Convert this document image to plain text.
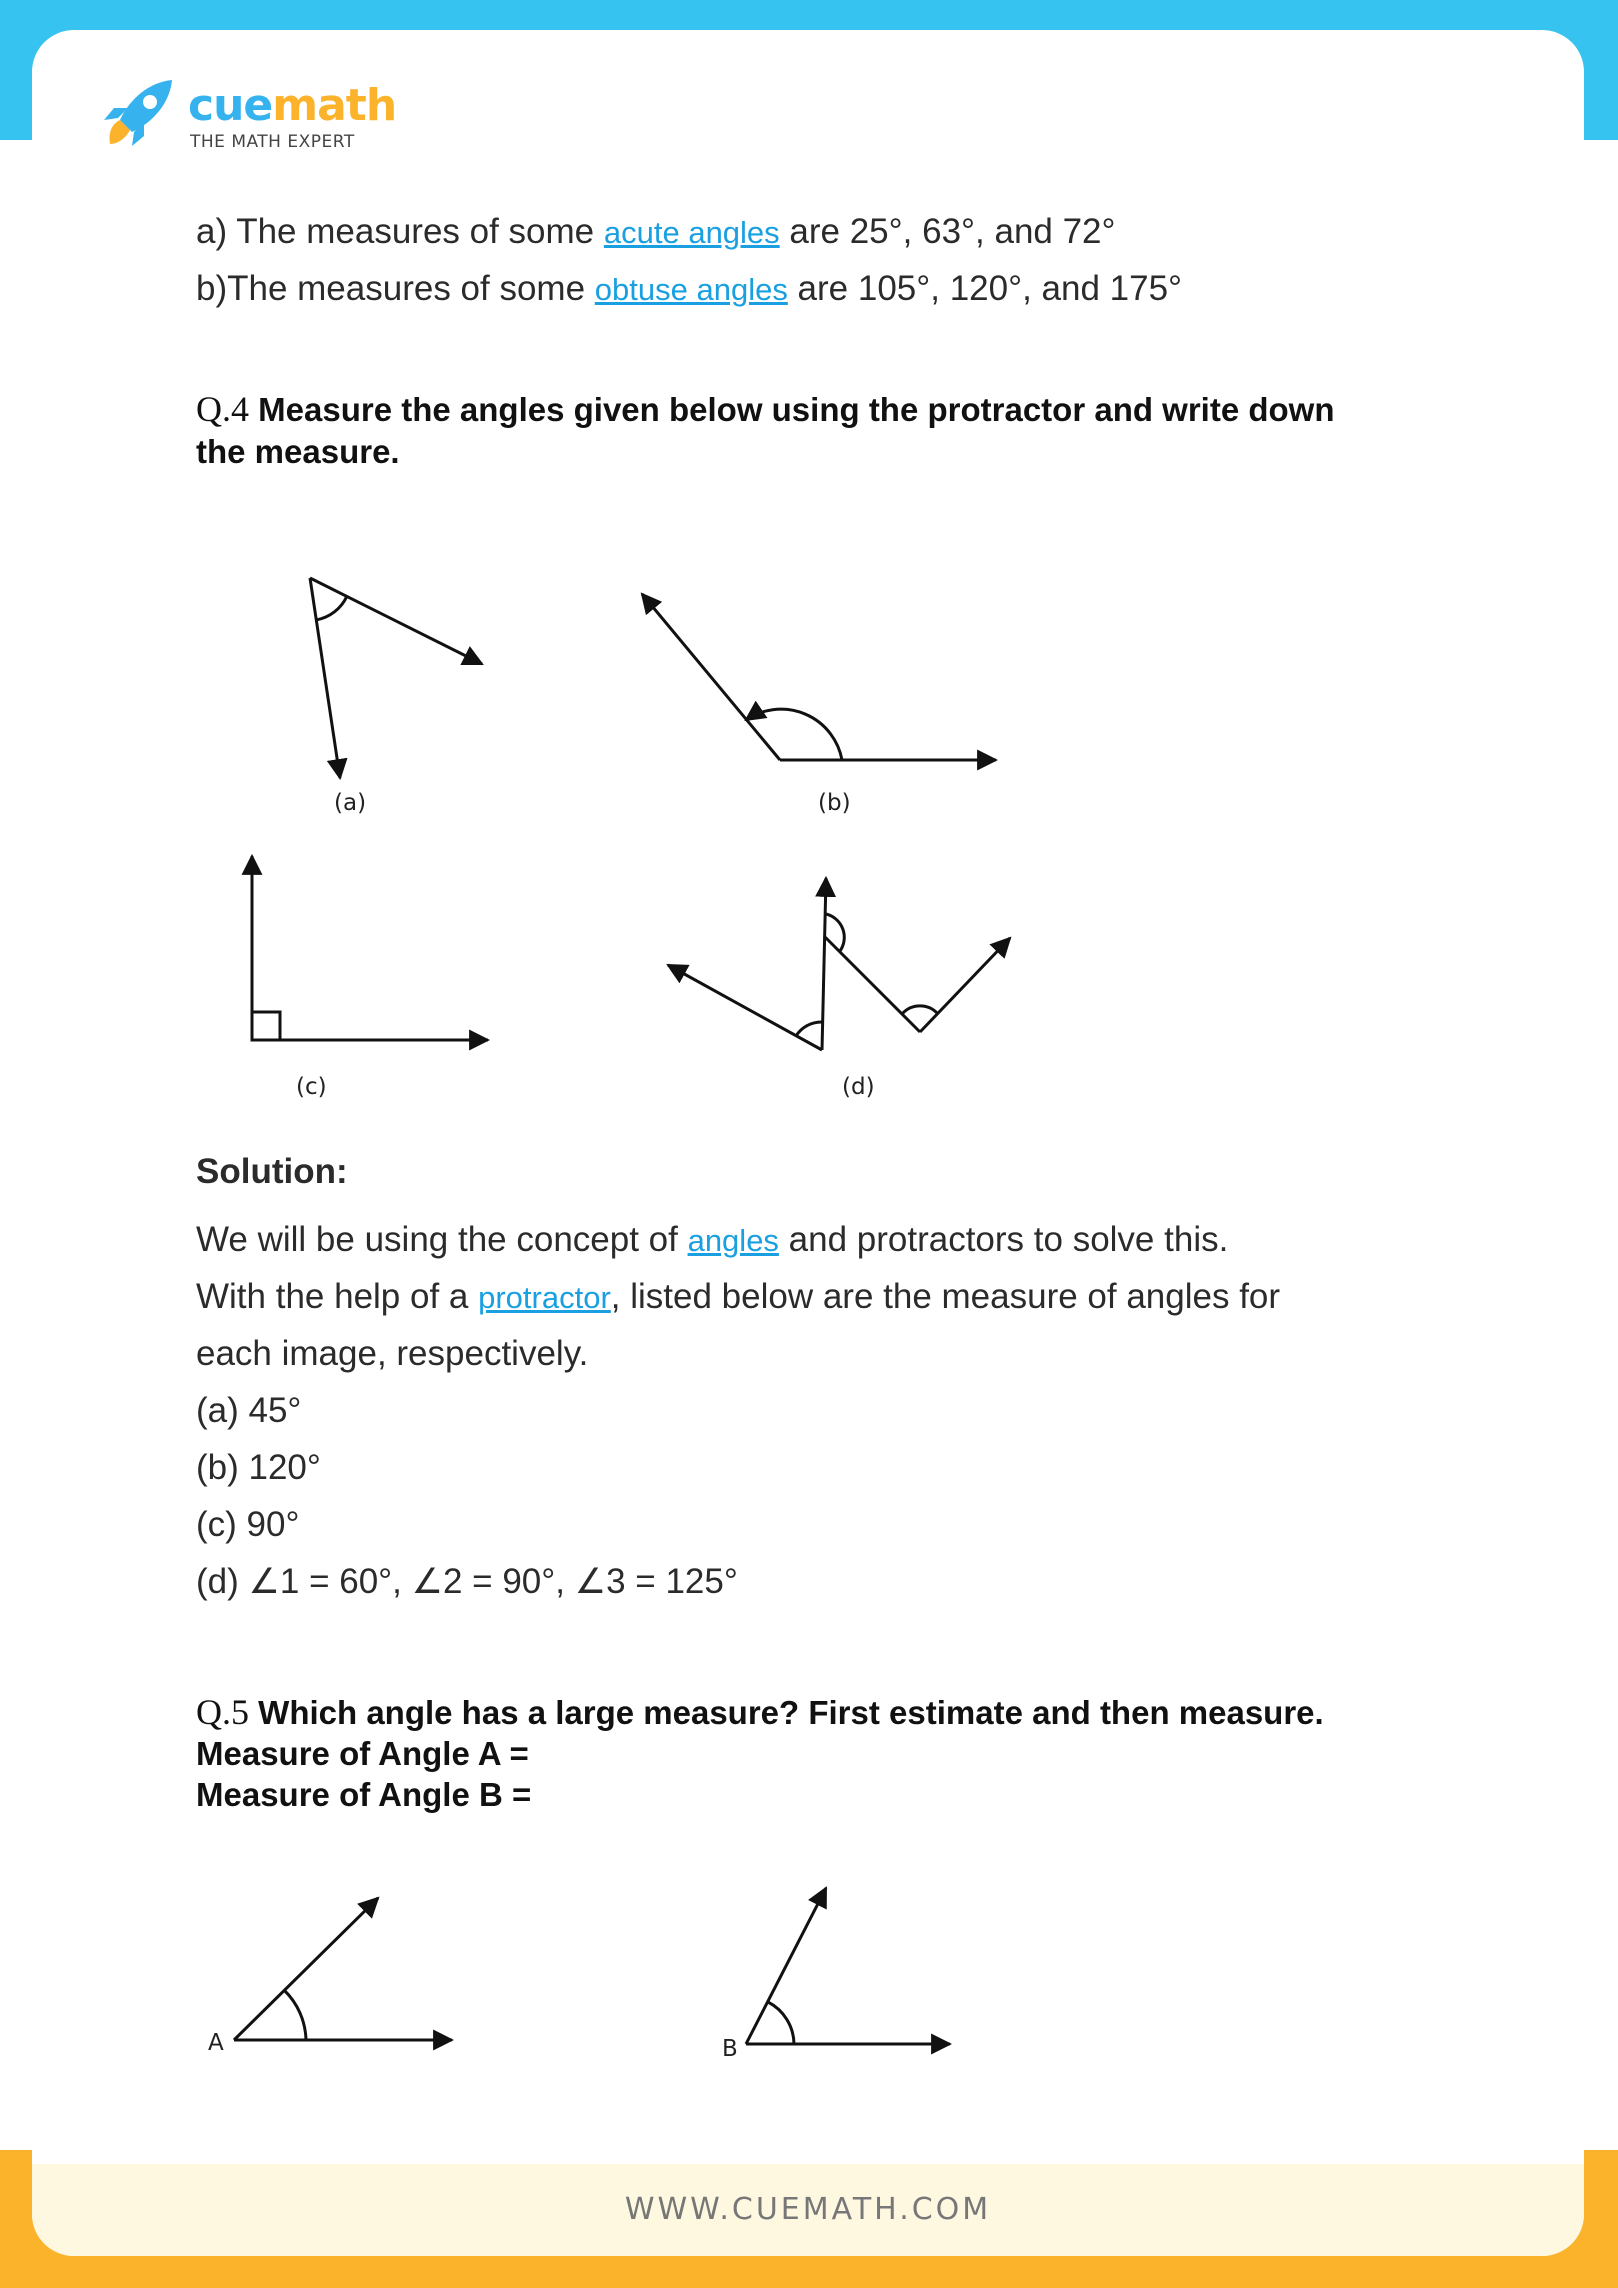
WWW.CUEMATH.COM
cuemath
THE MATH EXPERT
a) The measures of some acute angles are 25°, 63°, and 72°
b)The measures of some obtuse angles are 105°, 120°, and 175°
Q.4 Measure the angles given below using the protractor and write down
the measure.
(a)	(b)
(c)	(d)
Solution:
We will be using the concept of angles and protractors to solve this.
With the help of a protractor, listed below are the measure of angles for
each image, respectively.
(a) 45°
(b) 120°
(c) 90°
(d) ∠1 = 60°, ∠2 = 90°, ∠3 = 125°
Q.5 Which angle has a large measure? First estimate and then measure.
Measure of Angle A =
Measure of Angle B =
A	B
